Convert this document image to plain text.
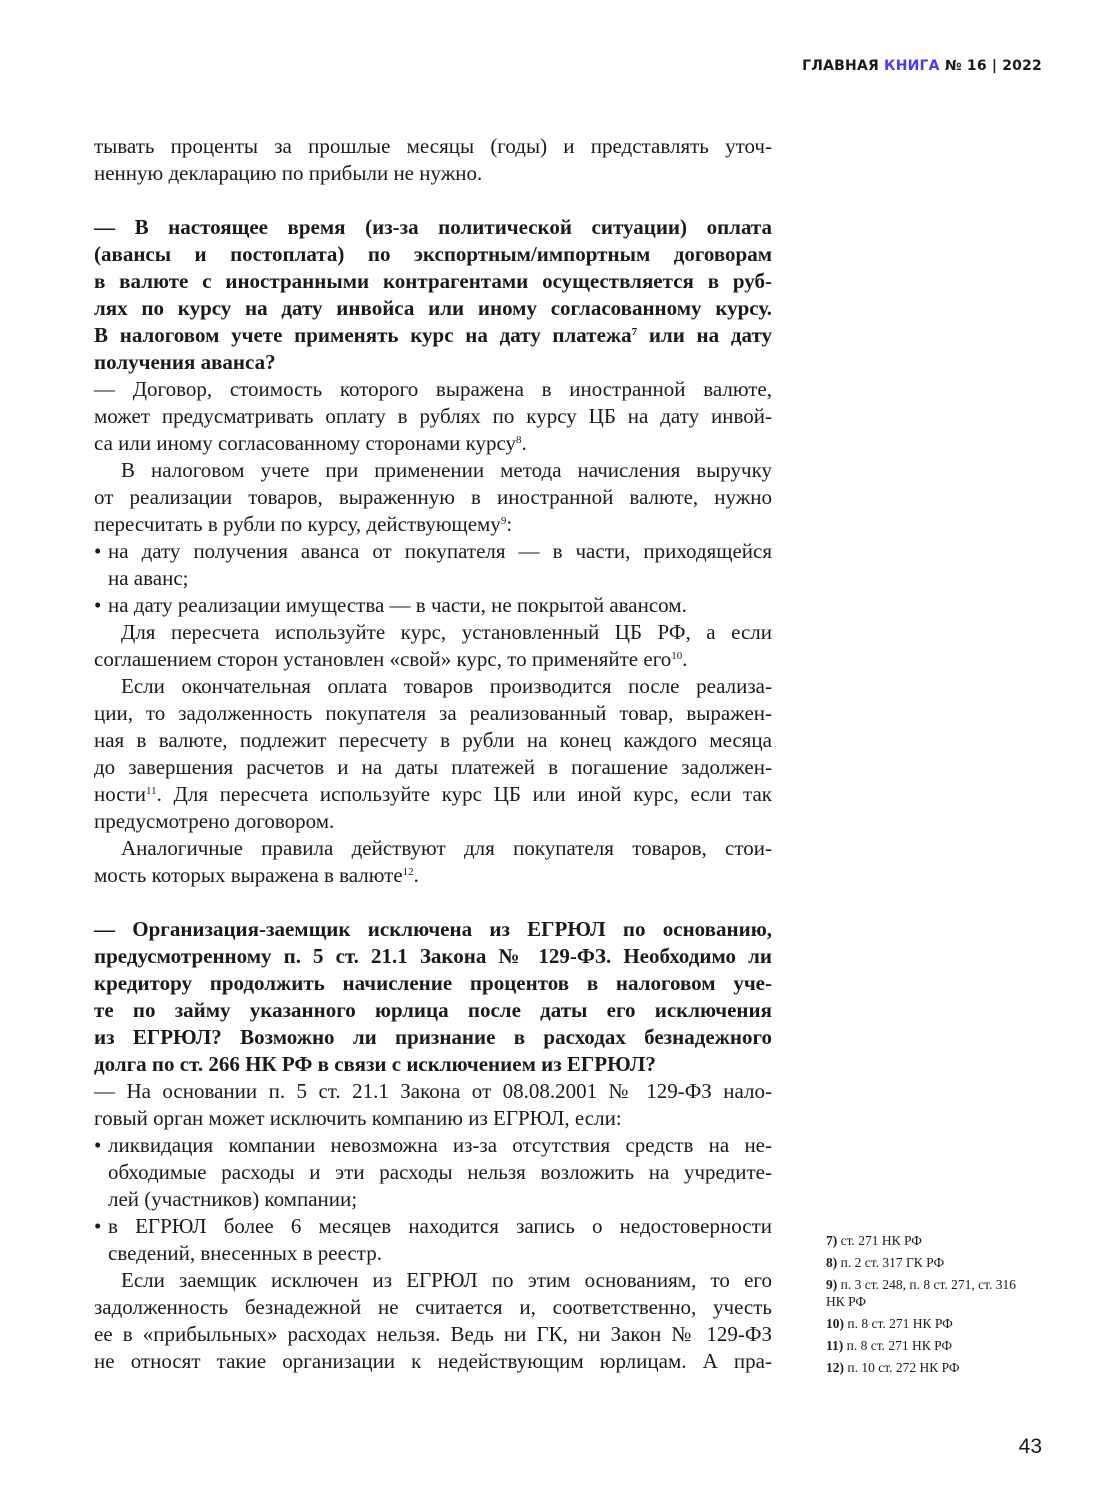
ГЛАВНАЯ КНИГА № 16 | 2022
тывать проценты за прошлые месяцы (годы) и представлять уточ-
ненную декларацию по прибыли не нужно.
— В настоящее время (из-за политической ситуации) оплата
(авансы и постоплата) по экспортным/импортным договорам
в валюте с иностранными контрагентами осуществляется в руб-
лях по курсу на дату инвойса или иному согласованному курсу.
В налоговом учете применять курс на дату платежа$^7$ или на дату
получения аванса?
— Договор, стоимость которого выражена в иностранной валюте,
может предусматривать оплату в рублях по курсу ЦБ на дату инвой-
са или иному согласованному сторонами курсу$^8$.
В налоговом учете при применении метода начисления выручку
от реализации товаров, выраженную в иностранной валюте, нужно
пересчитать в рубли по курсу, действующему$^9$:
• на дату получения аванса от покупателя — в части, приходящейся
на аванс;
• на дату реализации имущества — в части, не покрытой авансом.
Для пересчета используйте курс, установленный ЦБ РФ, а если
соглашением сторон установлен «свой» курс, то применяйте его$^{10}$.
Если окончательная оплата товаров производится после реализа-
ции, то задолженность покупателя за реализованный товар, выражен-
ная в валюте, подлежит пересчету в рубли на конец каждого месяца
до завершения расчетов и на даты платежей в погашение задолжен-
ности$^{11}$. Для пересчета используйте курс ЦБ или иной курс, если так
предусмотрено договором.
Аналогичные правила действуют для покупателя товаров, стои-
мость которых выражена в валюте$^{12}$.
— Организация-заемщик исключена из ЕГРЮЛ по основанию,
предусмотренному п. 5 ст. 21.1 Закона № 129-ФЗ. Необходимо ли
кредитору продолжить начисление процентов в налоговом уче-
те по займу указанного юрлица после даты его исключения
из ЕГРЮЛ? Возможно ли признание в расходах безнадежного
долга по ст. 266 НК РФ в связи с исключением из ЕГРЮЛ?
— На основании п. 5 ст. 21.1 Закона от 08.08.2001 № 129-ФЗ нало-
говый орган может исключить компанию из ЕГРЮЛ, если:
• ликвидация компании невозможна из-за отсутствия средств на не-
обходимые расходы и эти расходы нельзя возложить на учредите-
лей (участников) компании;
• в ЕГРЮЛ более 6 месяцев находится запись о недостоверности
сведений, внесенных в реестр.
Если заемщик исключен из ЕГРЮЛ по этим основаниям, то его
задолженность безнадежной не считается и, соответственно, учесть
ее в «прибыльных» расходах нельзя. Ведь ни ГК, ни Закон № 129-ФЗ
не относят такие организации к недействующим юрлицам. А пра-
7) ст. 271 НК РФ
8) п. 2 ст. 317 ГК РФ
9) п. 3 ст. 248, п. 8 ст. 271, ст. 316 НК РФ
10) п. 8 ст. 271 НК РФ
11) п. 8 ст. 271 НК РФ
12) п. 10 ст. 272 НК РФ
43
